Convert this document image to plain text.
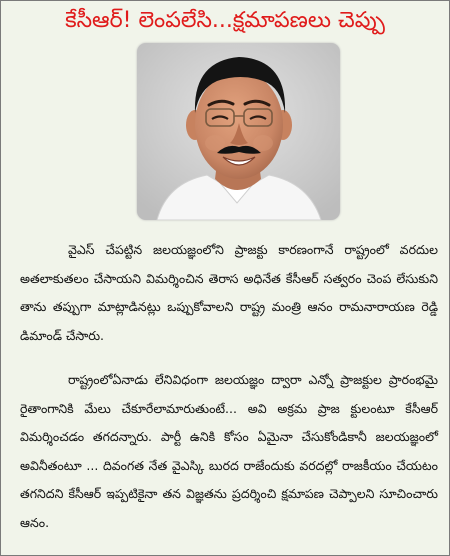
కేసీఆర్! లెంపలేసి...క్షమాపణలు చెప్పు

వైఎస్ చేపట్టిన జలయజ్ఞంలోని ప్రాజక్టు కారణంగానే రాష్ట్రంలో వరదుల అతలాకుతలం చేసాయని విమర్శించిన తెరాస అధినేత కేసీఆర్ సత్వరం చెంప లేసుకుని తాను తప్పుగా మాట్లాడినట్లు ఒప్పుకోవాలని రాష్ట్ర మంత్రి ఆనం రామనారాయణ రెడ్డి డిమాండ్ చేసారు.

రాష్ట్రంలోఏనాడు లేనివిధంగా జలయజ్ఞం ద్వారా ఎన్నో ప్రాజక్టుల ప్రారంభమై రైతాంగానికి మేలు చేకూరేలామారుతుంటే... అవి అక్రమ ప్రాజ క్టులంటూ కేసీఆర్ విమర్శించడం తగదన్నారు. పార్టీ ఉనికి కోసం ఏమైనా చేసుకోండికానీ జలయజ్ఞంలో అవినీతంటూ ... దివంగత నేత వైఎస్కి బురద రాజేందుకు వరదల్లో రాజకీయం చేయటం తగనిదని కేసీఆర్ ఇప్పటికైనా తన విజ్ఞతను ప్రదర్శించి క్షమాపణ చెప్పాలని సూచించారు ఆనం.
